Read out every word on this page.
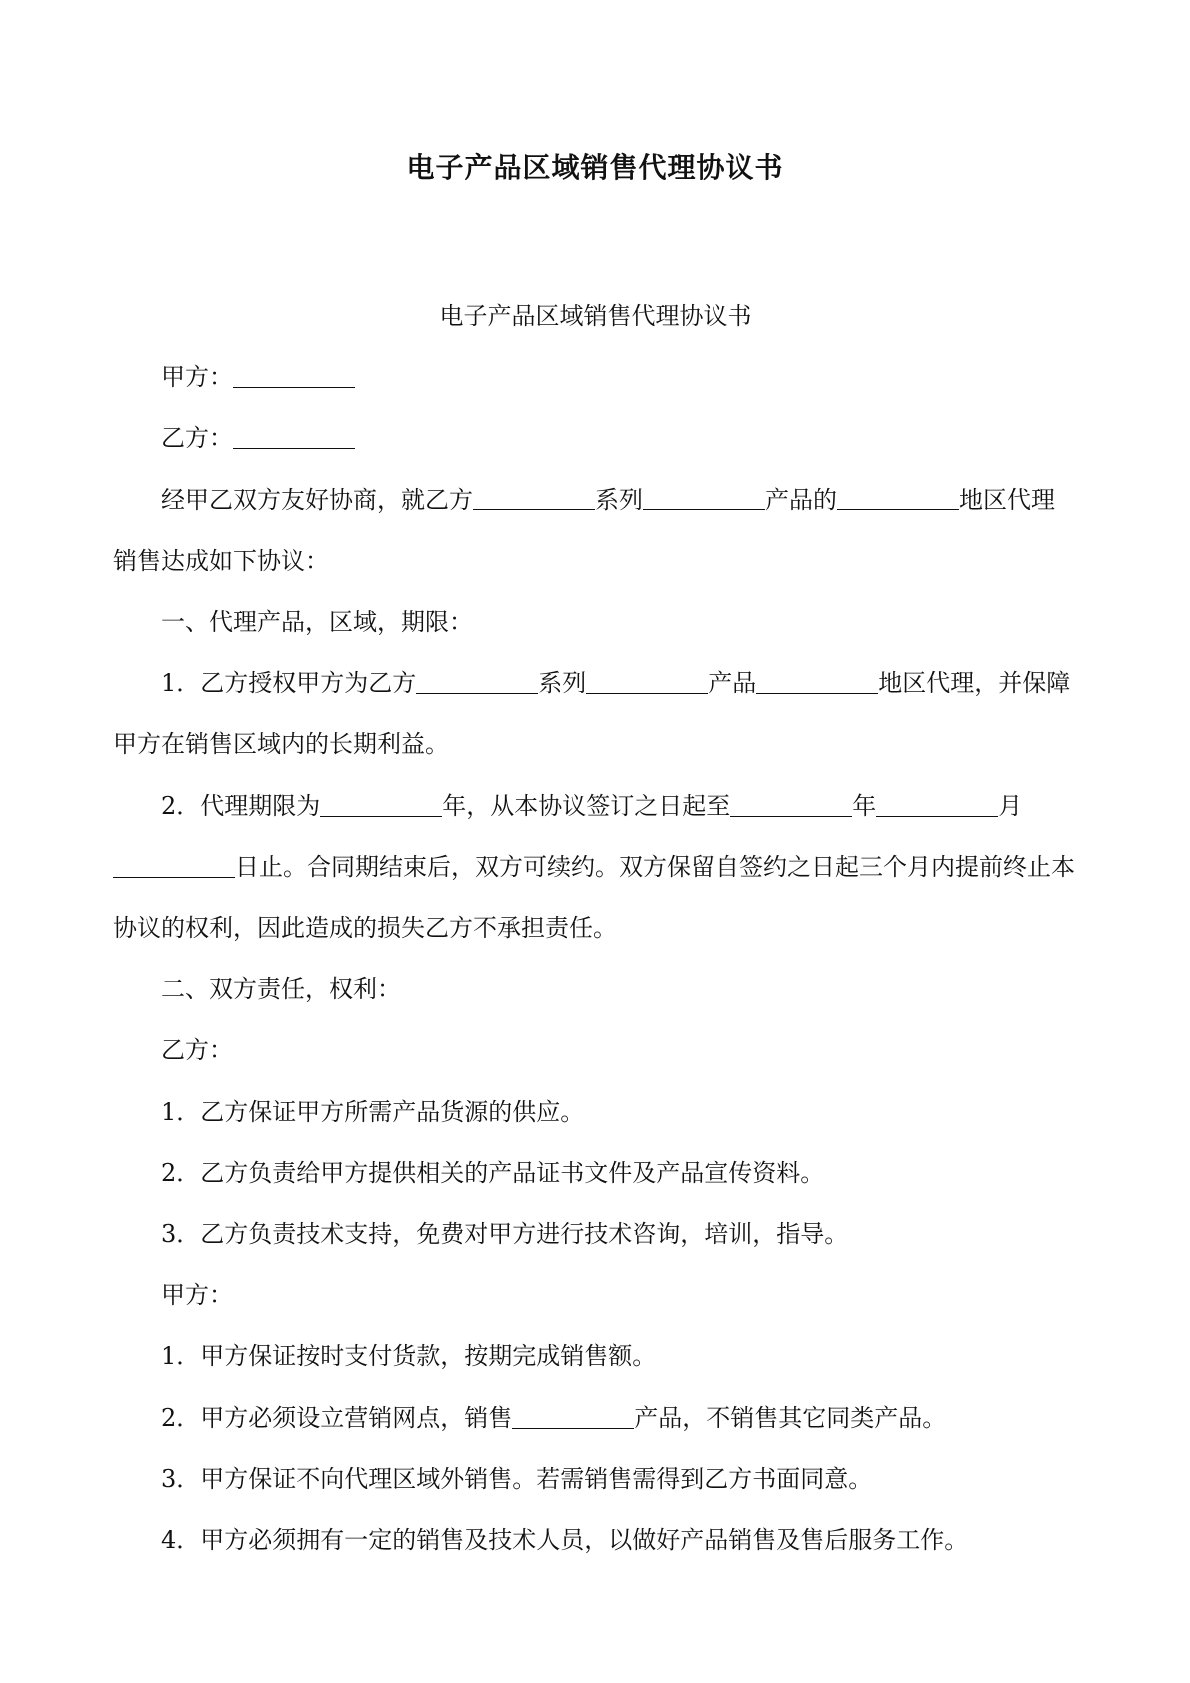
电子产品区域销售代理协议书

电子产品区域销售代理协议书

甲方：

乙方：

经甲乙双方友好协商，就乙方	系列	产品的	地区代理销售达成如下协议：

一、代理产品，区域，期限：

1．乙方授权甲方为乙方	系列	产品	地区代理，并保障甲方在销售区域内的长期利益。

2．代理期限为	年，从本协议签订之日起至	年	月日止。合同期结束后，双方可续约。双方保留自签约之日起三个月内提前终止本协议的权利，因此造成的损失乙方不承担责任。

二、双方责任，权利：

乙方：

1．乙方保证甲方所需产品货源的供应。

2．乙方负责给甲方提供相关的产品证书文件及产品宣传资料。

3．乙方负责技术支持，免费对甲方进行技术咨询，培训，指导。

甲方：

1．甲方保证按时支付货款，按期完成销售额。

2．甲方必须设立营销网点，销售	产品，不销售其它同类产品。

3．甲方保证不向代理区域外销售。若需销售需得到乙方书面同意。

4．甲方必须拥有一定的销售及技术人员，以做好产品销售及售后服务工作。
